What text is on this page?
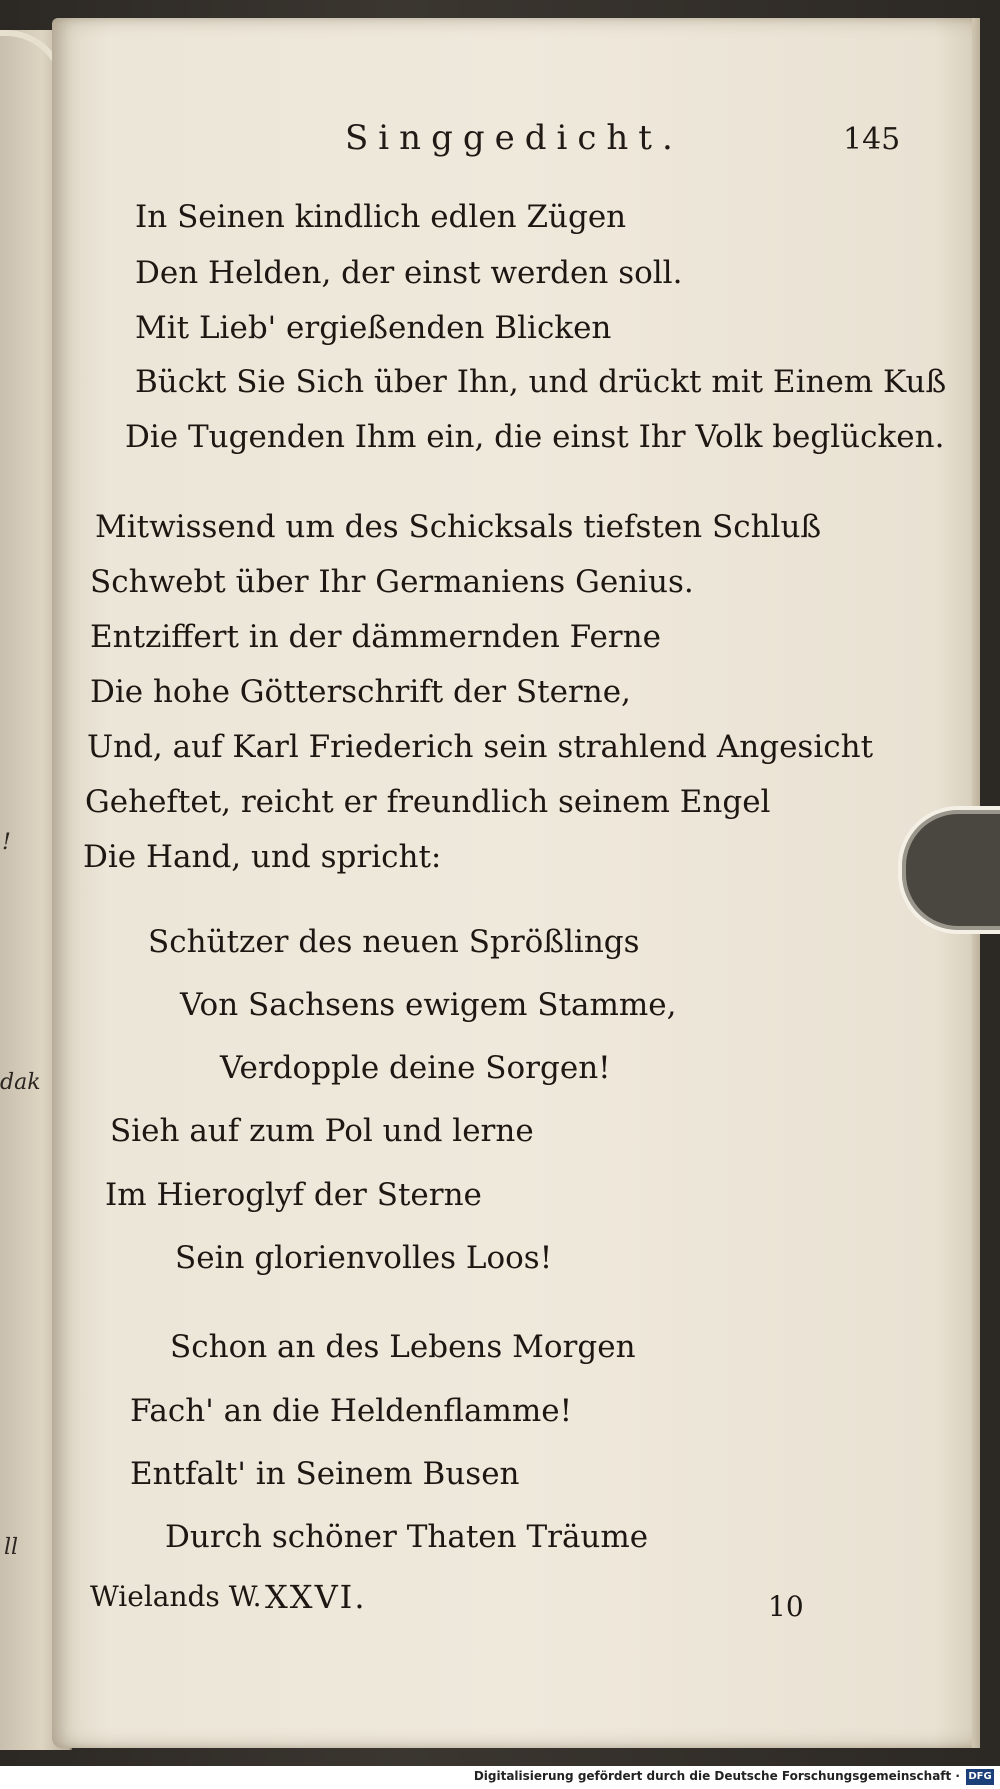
!
dak
ll
Singgedicht.	145
In Seinen kindlich edlen Zügen
Den Helden, der einst werden soll.
Mit Lieb' ergießenden Blicken
Bückt Sie Sich über Ihn, und drückt mit Einem Kuß
Die Tugenden Ihm ein, die einst Ihr Volk beglücken.
Mitwissend um des Schicksals tiefsten Schluß
Schwebt über Ihr Germaniens Genius.
Entziffert in der dämmernden Ferne
Die hohe Götterschrift der Sterne,
Und, auf Karl Friederich sein strahlend Angesicht
Geheftet, reicht er freundlich seinem Engel
Die Hand, und spricht:
Schützer des neuen Sprößlings
Von Sachsens ewigem Stamme,
Verdopple deine Sorgen!
Sieh auf zum Pol und lerne
Im Hieroglyf der Sterne
Sein glorienvolles Loos!
Schon an des Lebens Morgen
Fach' an die Heldenflamme!
Entfalt' in Seinem Busen
Durch schöner Thaten Träume
Wielands W. XXVI.	10
Digitalisierung gefördert durch die Deutsche Forschungsgemeinschaft · DFG
